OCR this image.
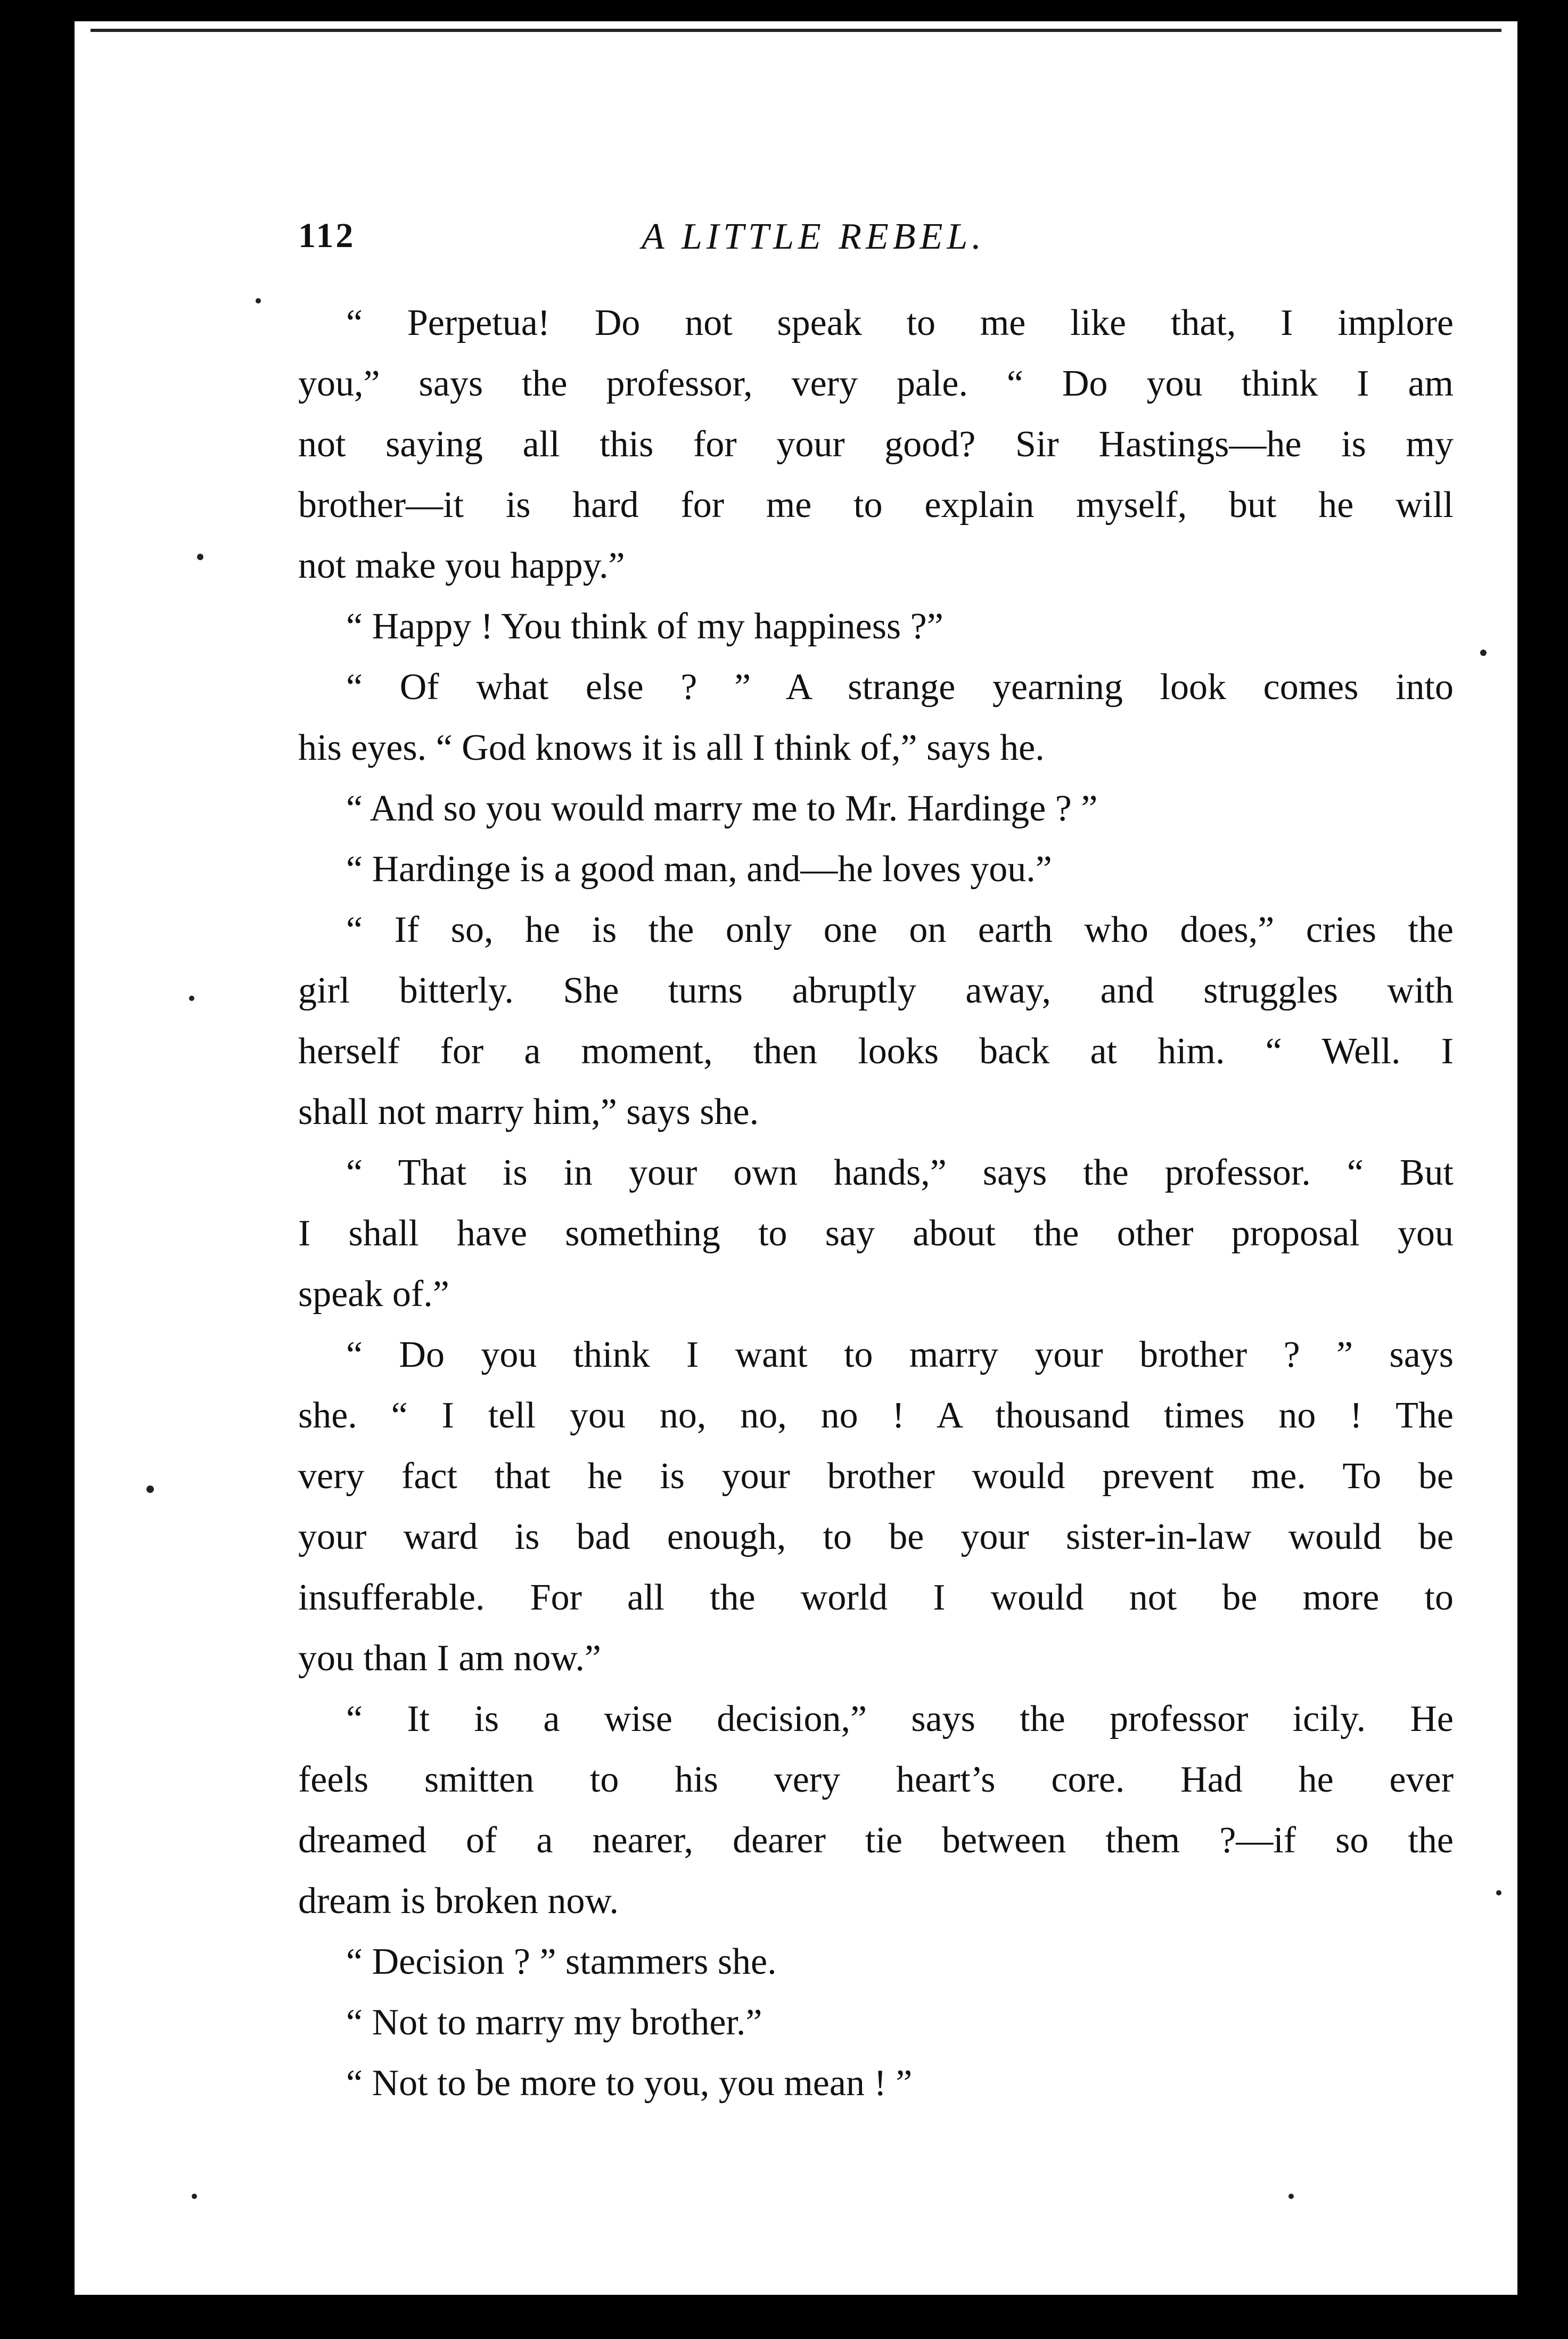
112	A LITTLE REBEL.
“ Perpetua! Do not speak to me like that, I implore
you,” says the professor, very pale. “ Do you think I am
not saying all this for your good? Sir Hastings—he is my
brother—it is hard for me to explain myself, but he will
not make you happy.”
“ Happy ! You think of my happiness ?”
“ Of what else ? ” A strange yearning look comes into
his eyes. “ God knows it is all I think of,” says he.
“ And so you would marry me to Mr. Hardinge ? ”
“ Hardinge is a good man, and—he loves you.”
“ If so, he is the only one on earth who does,” cries the
girl bitterly. She turns abruptly away, and struggles with
herself for a moment, then looks back at him. “ Well. I
shall not marry him,” says she.
“ That is in your own hands,” says the professor. “ But
I shall have something to say about the other proposal you
speak of.”
“ Do you think I want to marry your brother ? ” says
she. “ I tell you no, no, no ! A thousand times no ! The
very fact that he is your brother would prevent me. To be
your ward is bad enough, to be your sister-in-law would be
insufferable. For all the world I would not be more to
you than I am now.”
“ It is a wise decision,” says the professor icily. He
feels smitten to his very heart’s core. Had he ever
dreamed of a nearer, dearer tie between them ?—if so the
dream is broken now.
“ Decision ? ” stammers she.
“ Not to marry my brother.”
“ Not to be more to you, you mean ! ”
